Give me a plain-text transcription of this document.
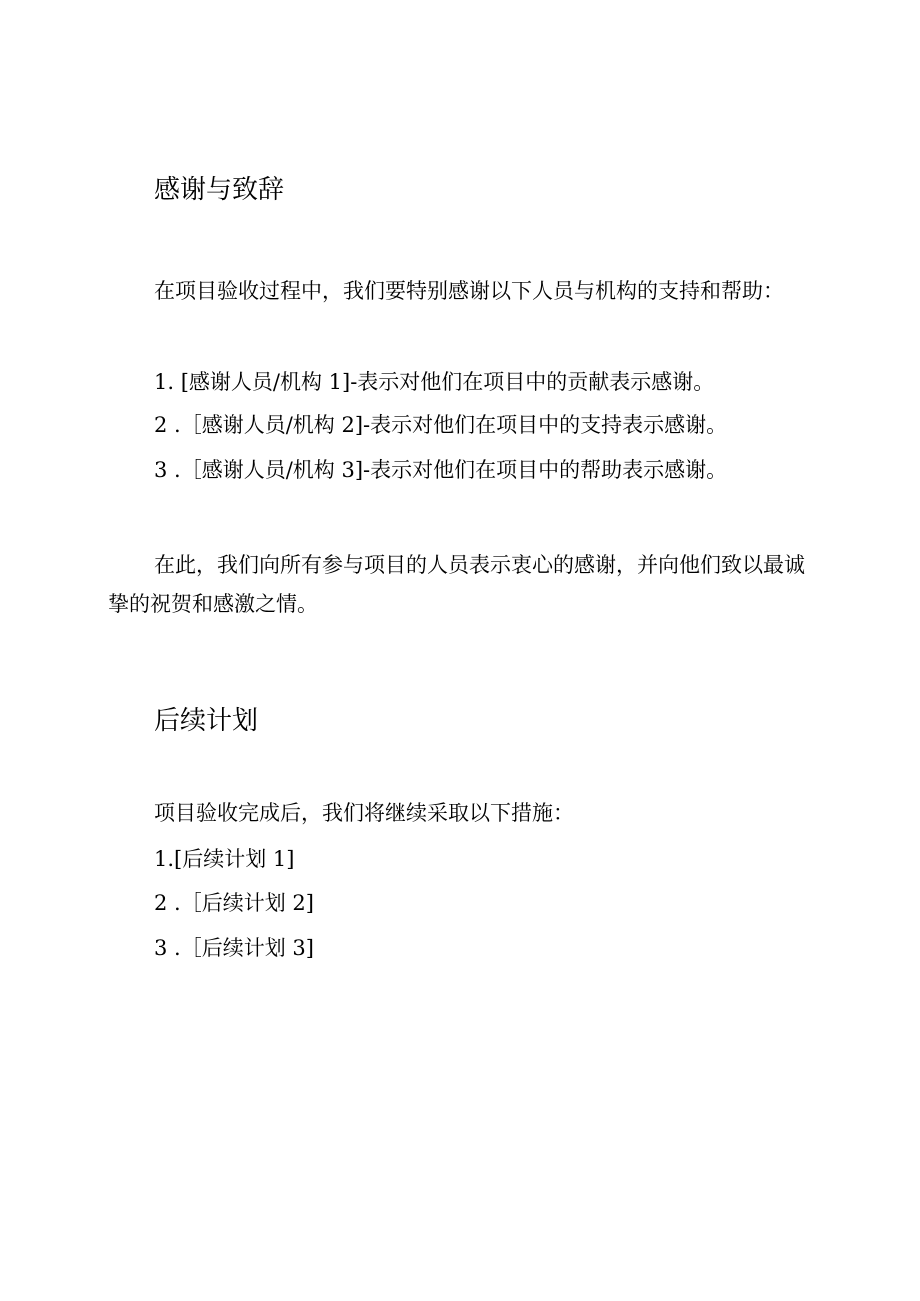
感谢与致辞

在项目验收过程中，我们要特别感谢以下人员与机构的支持和帮助：

1. [感谢人员/机构 1]-表示对他们在项目中的贡献表示感谢。

2 .［感谢人员/机构 2]-表示对他们在项目中的支持表示感谢。

3 .［感谢人员/机构 3]-表示对他们在项目中的帮助表示感谢。

在此，我们向所有参与项目的人员表示衷心的感谢，并向他们致以最诚挚的祝贺和感激之情。

后续计划

项目验收完成后，我们将继续采取以下措施：

1.[后续计划 1]

2 .［后续计划 2]

3 .［后续计划 3]
